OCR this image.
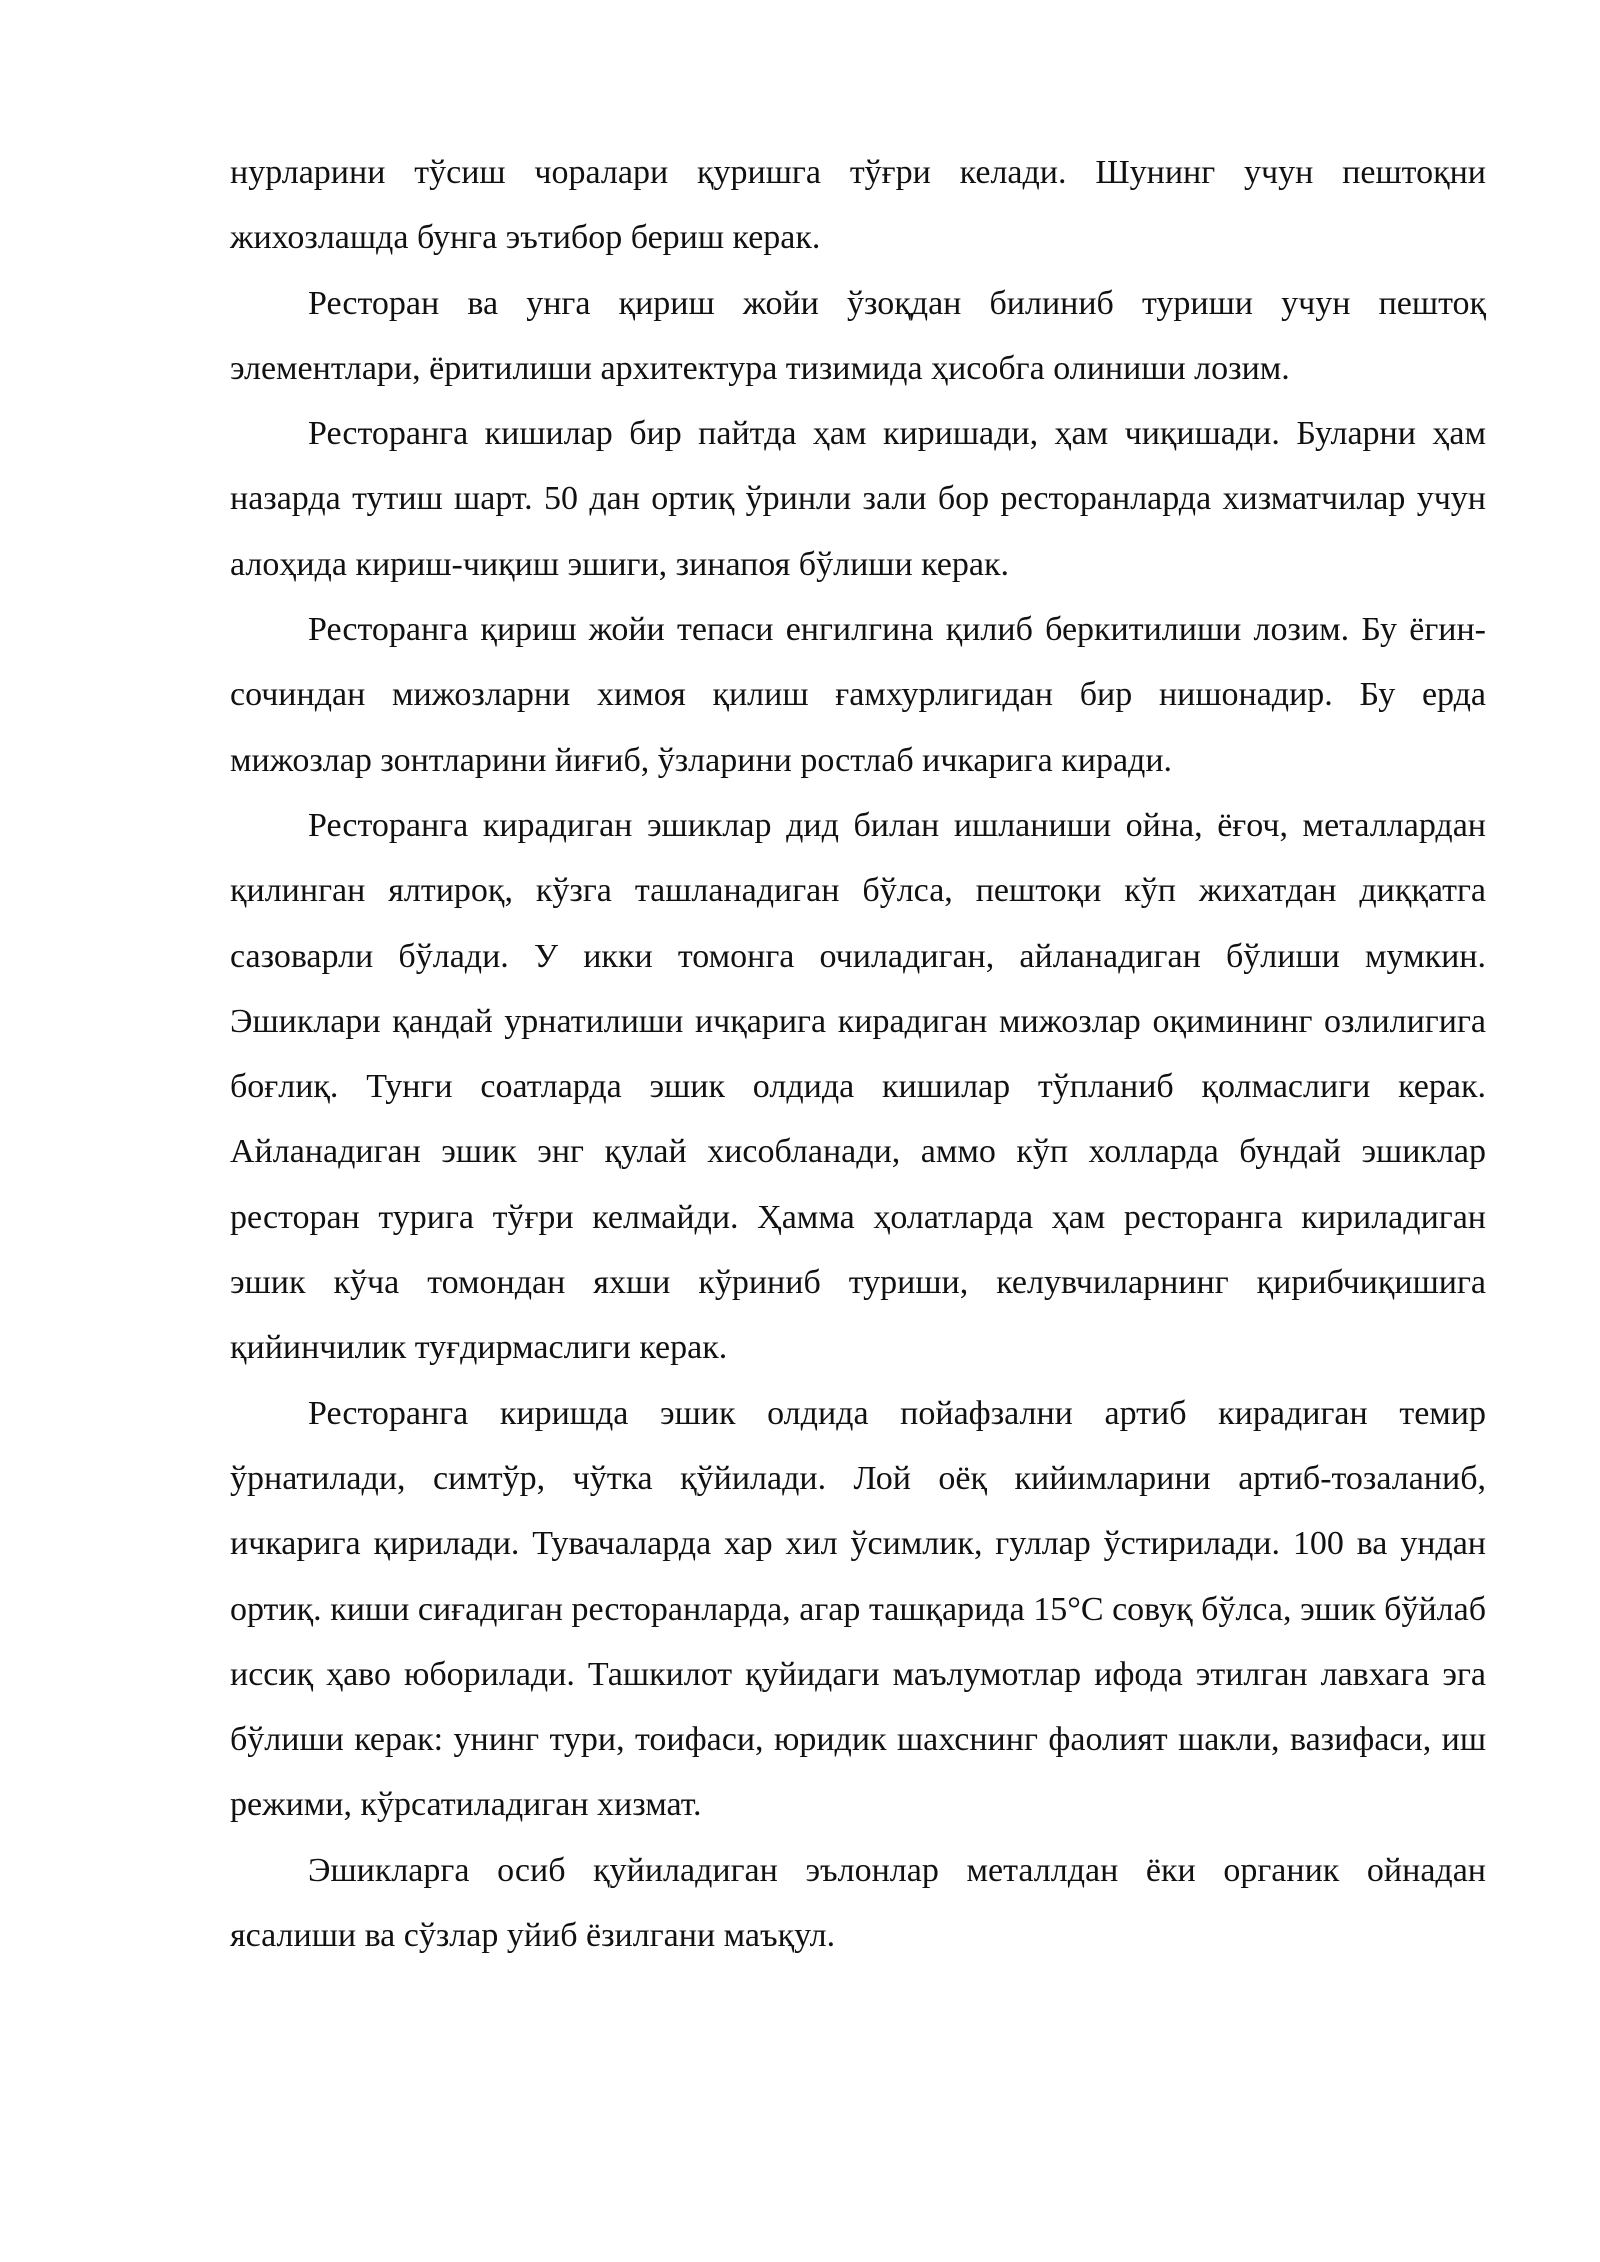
нурларини тўсиш чоралари қуришга тўғри келади. Шунинг учун пештоқни жихозлашда бунга эътибор бериш керак.

Ресторан ва унга қириш жойи ўзоқдан билиниб туриши учун пештоқ элементлари, ёритилиши архитектура тизимида ҳисобга олиниши лозим.

Ресторанга кишилар бир пайтда ҳам киришади, ҳам чиқишади. Буларни ҳам назарда тутиш шарт. 50 дан ортиқ ўринли зали бор ресторанларда хизматчилар учун алоҳида кириш-чиқиш эшиги, зинапоя бўлиши керак.

Ресторанга қириш жойи тепаси енгилгина қилиб беркитилиши лозим. Бу ёгин-сочиндан мижозларни химоя қилиш ғамхурлигидан бир нишонадир. Бу ерда мижозлар зонтларини йиғиб, ўзларини ростлаб ичкарига киради.

Ресторанга кирадиган эшиклар дид билан ишланиши ойна, ёғоч, металлардан қилинган ялтироқ, кўзга ташланадиган бўлса, пештоқи кўп жихатдан диққатга сазоварли бўлади. У икки томонга очиладиган, айланадиган бўлиши мумкин. Эшиклари қандай урнатилиши ичқарига кирадиган мижозлар оқимининг озлилигига боғлиқ. Тунги соатларда эшик олдида кишилар тўпланиб қолмаслиги керак. Айланадиган эшик энг қулай хисобланади, аммо кўп холларда бундай эшиклар ресторан турига тўғри келмайди. Ҳамма ҳолатларда ҳам ресторанга кириладиган эшик кўча томондан яхши кўриниб туриши, келувчиларнинг қирибчиқишига қийинчилик туғдирмаслиги керак.

Ресторанга киришда эшик олдида пойафзални артиб кирадиган темир ўрнатилади, симтўр, чўтка қўйилади. Лой оёқ кийимларини артиб-тозаланиб, ичкарига қирилади. Тувачаларда хар хил ўсимлик, гуллар ўстирилади. 100 ва ундан ортиқ. киши сиғадиган ресторанларда, агар ташқарида 15°С совуқ бўлса, эшик бўйлаб иссиқ ҳаво юборилади. Ташкилот қуйидаги маълумотлар ифода этилган лавхага эга бўлиши керак: унинг тури, тоифаси, юридик шахснинг фаолият шакли, вазифаси, иш режими, кўрсатиладиган хизмат.

Эшикларга осиб қуйиладиган эълонлар металлдан ёки органик ойнадан ясалиши ва сўзлар уйиб ёзилгани маъқул.
